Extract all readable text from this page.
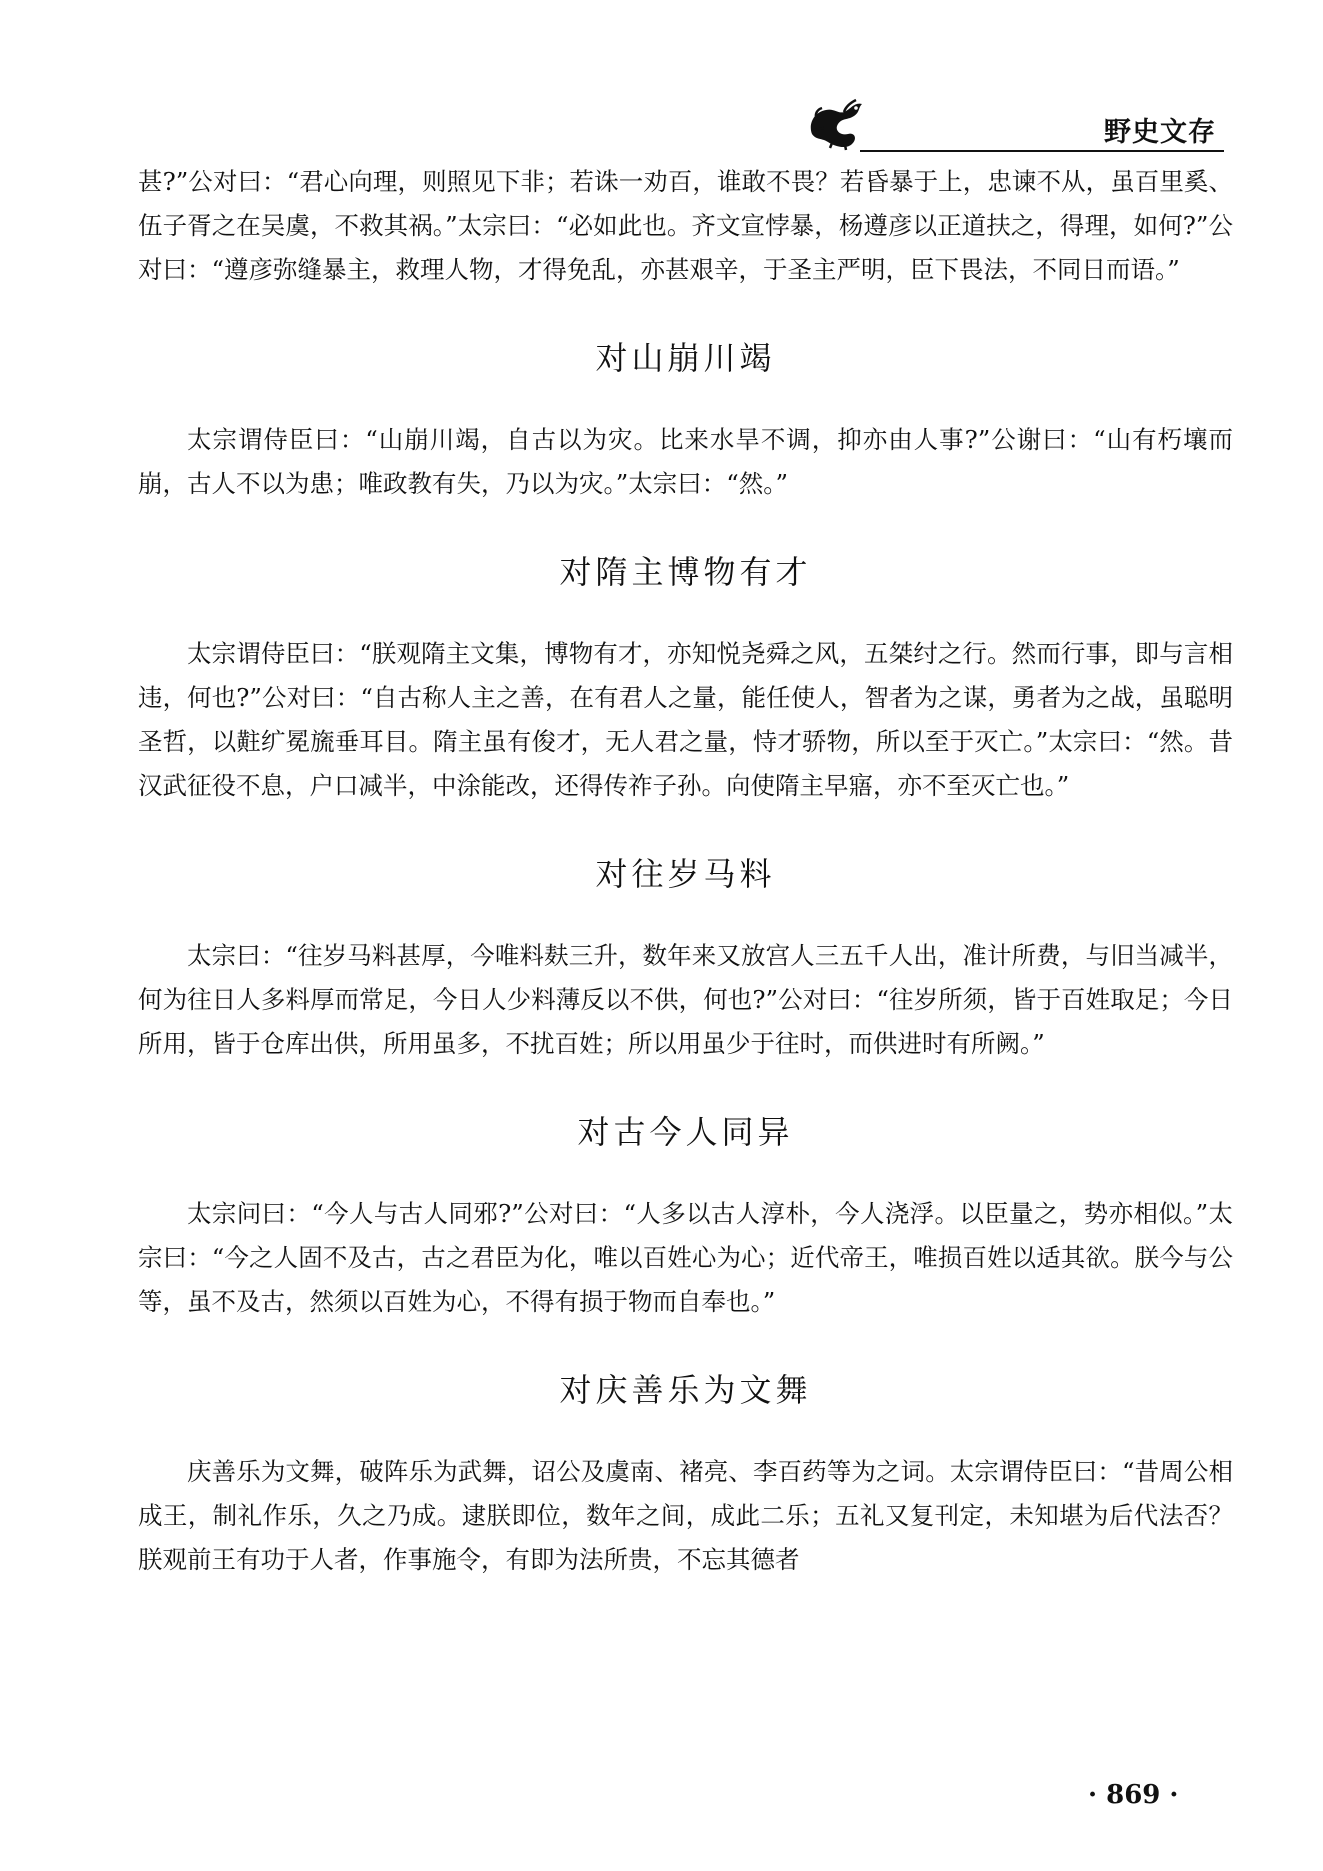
野史文存

甚?”公对曰：“君心向理，则照见下非；若诛一劝百，谁敢不畏？若昏暴于上，忠谏不从，虽百里奚、伍子胥之在吴虞，不救其祸。”太宗曰：“必如此也。齐文宣悖暴，杨遵彦以正道扶之，得理，如何?”公对曰：“遵彦弥缝暴主，救理人物，才得免乱，亦甚艰辛，于圣主严明，臣下畏法，不同日而语。”

对山崩川竭

太宗谓侍臣曰：“山崩川竭，自古以为灾。比来水旱不调，抑亦由人事?”公谢曰：“山有朽壤而崩，古人不以为患；唯政教有失，乃以为灾。”太宗曰：“然。”

对隋主博物有才

太宗谓侍臣曰：“朕观隋主文集，博物有才，亦知悦尧舜之风，五桀纣之行。然而行事，即与言相违，何也?”公对曰：“自古称人主之善，在有君人之量，能任使人，智者为之谋，勇者为之战，虽聪明圣哲，以黈纩冕旒垂耳目。隋主虽有俊才，无人君之量，恃才骄物，所以至于灭亡。”太宗曰：“然。昔汉武征役不息，户口减半，中涂能改，还得传祚子孙。向使隋主早寤，亦不至灭亡也。”

对往岁马料

太宗曰：“往岁马料甚厚，今唯料麸三升，数年来又放宫人三五千人出，准计所费，与旧当减半，何为往日人多料厚而常足，今日人少料薄反以不供，何也?”公对曰：“往岁所须，皆于百姓取足；今日所用，皆于仓库出供，所用虽多，不扰百姓；所以用虽少于往时，而供进时有所阙。”

对古今人同异

太宗问曰：“今人与古人同邪?”公对曰：“人多以古人淳朴，今人浇浮。以臣量之，势亦相似。”太宗曰：“今之人固不及古，古之君臣为化，唯以百姓心为心；近代帝王，唯损百姓以适其欲。朕今与公等，虽不及古，然须以百姓为心，不得有损于物而自奉也。”

对庆善乐为文舞

庆善乐为文舞，破阵乐为武舞，诏公及虞南、褚亮、李百药等为之词。太宗谓侍臣曰：“昔周公相成王，制礼作乐，久之乃成。逮朕即位，数年之间，成此二乐；五礼又复刊定，未知堪为后代法否？朕观前王有功于人者，作事施令，有即为法所贵，不忘其德者

· 869 ·
